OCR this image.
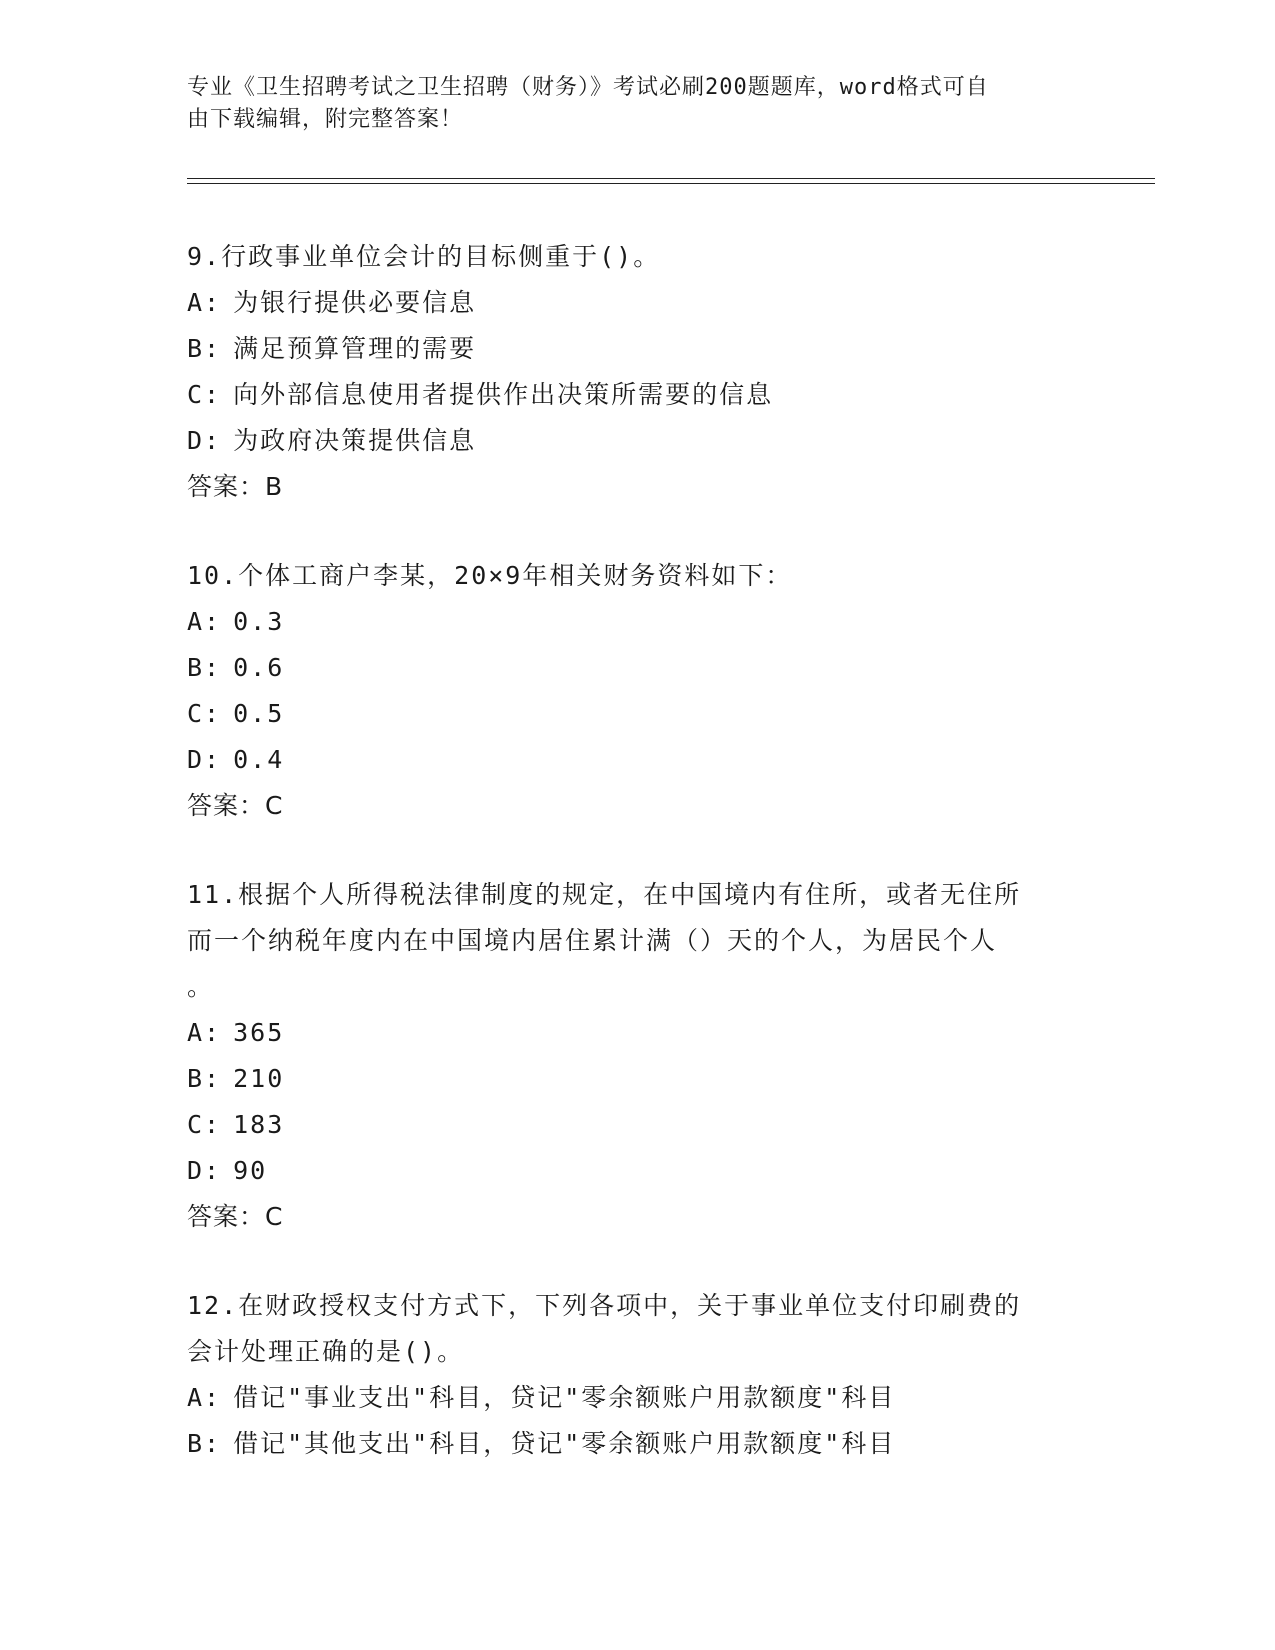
专业《卫生招聘考试之卫生招聘（财务）》考试必刷200题题库，word格式可自
由下载编辑，附完整答案！

9.行政事业单位会计的目标侧重于()。

A: 为银行提供必要信息

B: 满足预算管理的需要

C: 向外部信息使用者提供作出决策所需要的信息

D: 为政府决策提供信息

答案：B

10.个体工商户李某，20×9年相关财务资料如下：

A: 0.3

B: 0.6

C: 0.5

D: 0.4

答案：C

11.根据个人所得税法律制度的规定，在中国境内有住所，或者无住所

而一个纳税年度内在中国境内居住累计满（）天的个人，为居民个人

。

A: 365

B: 210

C: 183

D: 90

答案：C

12.在财政授权支付方式下，下列各项中，关于事业单位支付印刷费的

会计处理正确的是()。

A: 借记"事业支出"科目，贷记"零余额账户用款额度"科目

B: 借记"其他支出"科目，贷记"零余额账户用款额度"科目
